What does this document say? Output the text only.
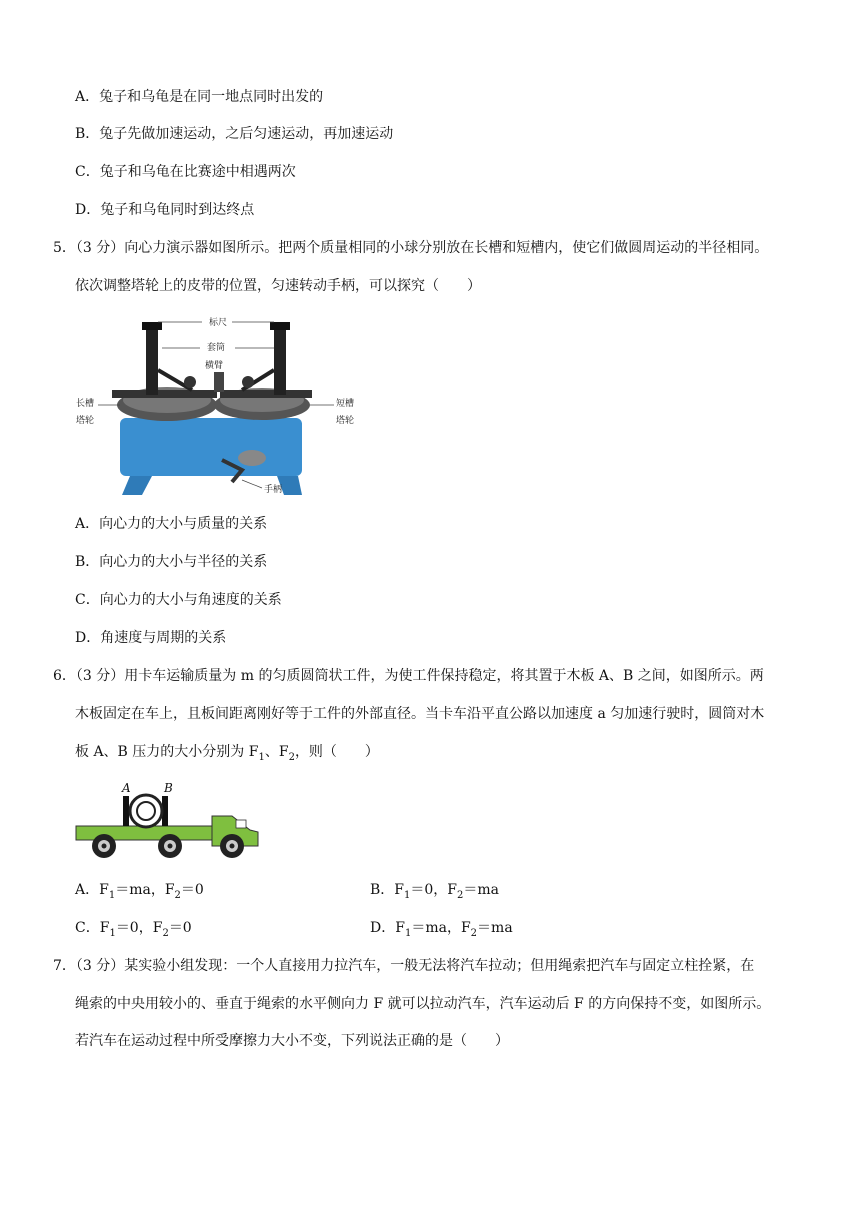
A．兔子和乌龟是在同一地点同时出发的
B．兔子先做加速运动，之后匀速运动，再加速运动
C．兔子和乌龟在比赛途中相遇两次
D．兔子和乌龟同时到达终点
5．（3 分）向心力演示器如图所示。把两个质量相同的小球分别放在长槽和短槽内，使它们做圆周运动的半径相同。
依次调整塔轮上的皮带的位置，匀速转动手柄，可以探究（　　）
标尺
套筒
横臂
长槽
塔轮
短槽
塔轮
手柄
A．向心力的大小与质量的关系
B．向心力的大小与半径的关系
C．向心力的大小与角速度的关系
D．角速度与周期的关系
6．（3 分）用卡车运输质量为 m 的匀质圆筒状工件，为使工件保持稳定，将其置于木板 A、B 之间，如图所示。两
木板固定在车上，且板间距离刚好等于工件的外部直径。当卡车沿平直公路以加速度 a 匀加速行驶时，圆筒对木
板 A、B 压力的大小分别为 $F_1$、$F_2$，则（　　）
A	B
A．$F_1=ma$，$F_2=0$	B．$F_1=0$，$F_2=ma$
C．$F_1=0$，$F_2=0$	D．$F_1=ma$，$F_2=ma$
7．（3 分）某实验小组发现：一个人直接用力拉汽车，一般无法将汽车拉动；但用绳索把汽车与固定立柱拴紧，在
绳索的中央用较小的、垂直于绳索的水平侧向力 F 就可以拉动汽车，汽车运动后 F 的方向保持不变，如图所示。
若汽车在运动过程中所受摩擦力大小不变，下列说法正确的是（　　）
